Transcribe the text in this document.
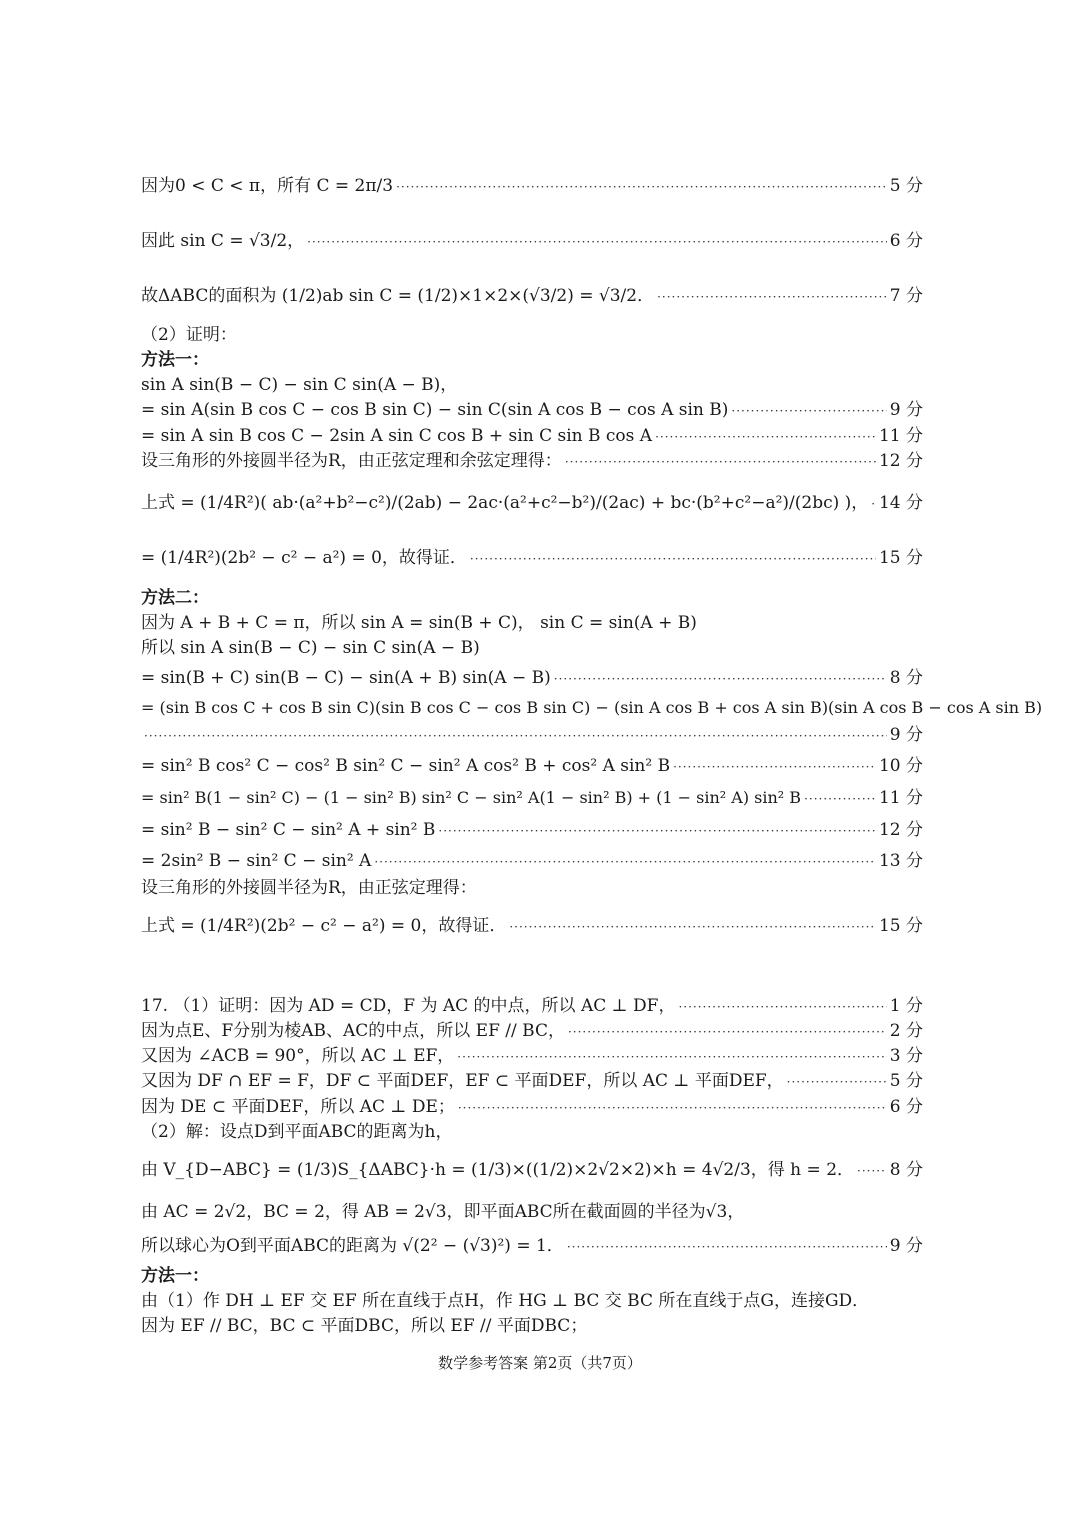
因为0 < C < π，所有 C = 2π/3 ·····	5 分
因此 sin C = √3/2， ·····	6 分
故ΔABC的面积为 (1/2)ab sin C = (1/2)×1×2×(√3/2) = √3/2． ·····	7 分
（2）证明：
方法一：
sin A sin(B − C) − sin C sin(A − B)，
= sin A(sin B cos C − cos B sin C) − sin C(sin A cos B − cos A sin B) ·····	9 分
= sin A sin B cos C − 2sin A sin C cos B + sin C sin B cos A ·····	11 分
设三角形的外接圆半径为R，由正弦定理和余弦定理得： ·····	12 分
上式 = (1/4R²)( ab·(a²+b²−c²)/(2ab) − 2ac·(a²+c²−b²)/(2ac) + bc·(b²+c²−a²)/(2bc) )， ····· 14 分
= (1/4R²)(2b² − c² − a²) = 0，故得证． ·····	15 分
方法二：
因为 A + B + C = π，所以 sin A = sin(B + C)， sin C = sin(A + B)
所以 sin A sin(B − C) − sin C sin(A − B)
= sin(B + C) sin(B − C) − sin(A + B) sin(A − B) ·····	8 分
= (sin B cos C + cos B sin C)(sin B cos C − cos B sin C) − (sin A cos B + cos A sin B)(sin A cos B − cos A sin B)
·····
9 分
= sin² B cos² C − cos² B sin² C − sin² A cos² B + cos² A sin² B ·····	10 分
= sin² B(1 − sin² C) − (1 − sin² B) sin² C − sin² A(1 − sin² B) + (1 − sin² A) sin² B ·····	11 分
= sin² B − sin² C − sin² A + sin² B ·····	12 分
= 2sin² B − sin² C − sin² A ·····	13 分
设三角形的外接圆半径为R，由正弦定理得：
上式 = (1/4R²)(2b² − c² − a²) = 0，故得证． ·····	15 分
17. （1）证明：因为 AD = CD，F 为 AC 的中点，所以 AC ⊥ DF， ·····	1 分
因为点E、F分别为棱AB、AC的中点，所以 EF // BC， ·····	2 分
又因为 ∠ACB = 90°，所以 AC ⊥ EF， ·····	3 分
又因为 DF ∩ EF = F，DF ⊂ 平面DEF，EF ⊂ 平面DEF，所以 AC ⊥ 平面DEF， ·····	5 分
因为 DE ⊂ 平面DEF，所以 AC ⊥ DE； ·····	6 分
（2）解：设点D到平面ABC的距离为h，
由 V_{D−ABC} = (1/3)S_{ΔABC}·h = (1/3)×((1/2)×2√2×2)×h = 4√2/3，得 h = 2． ····· 8 分
由 AC = 2√2，BC = 2，得 AB = 2√3，即平面ABC所在截面圆的半径为√3，
所以球心为O到平面ABC的距离为 √(2² − (√3)²) = 1． ·····	9 分
方法一：
由（1）作 DH ⊥ EF 交 EF 所在直线于点H，作 HG ⊥ BC 交 BC 所在直线于点G，连接GD．
因为 EF // BC，BC ⊂ 平面DBC，所以 EF // 平面DBC；
数学参考答案 第2页（共7页）
